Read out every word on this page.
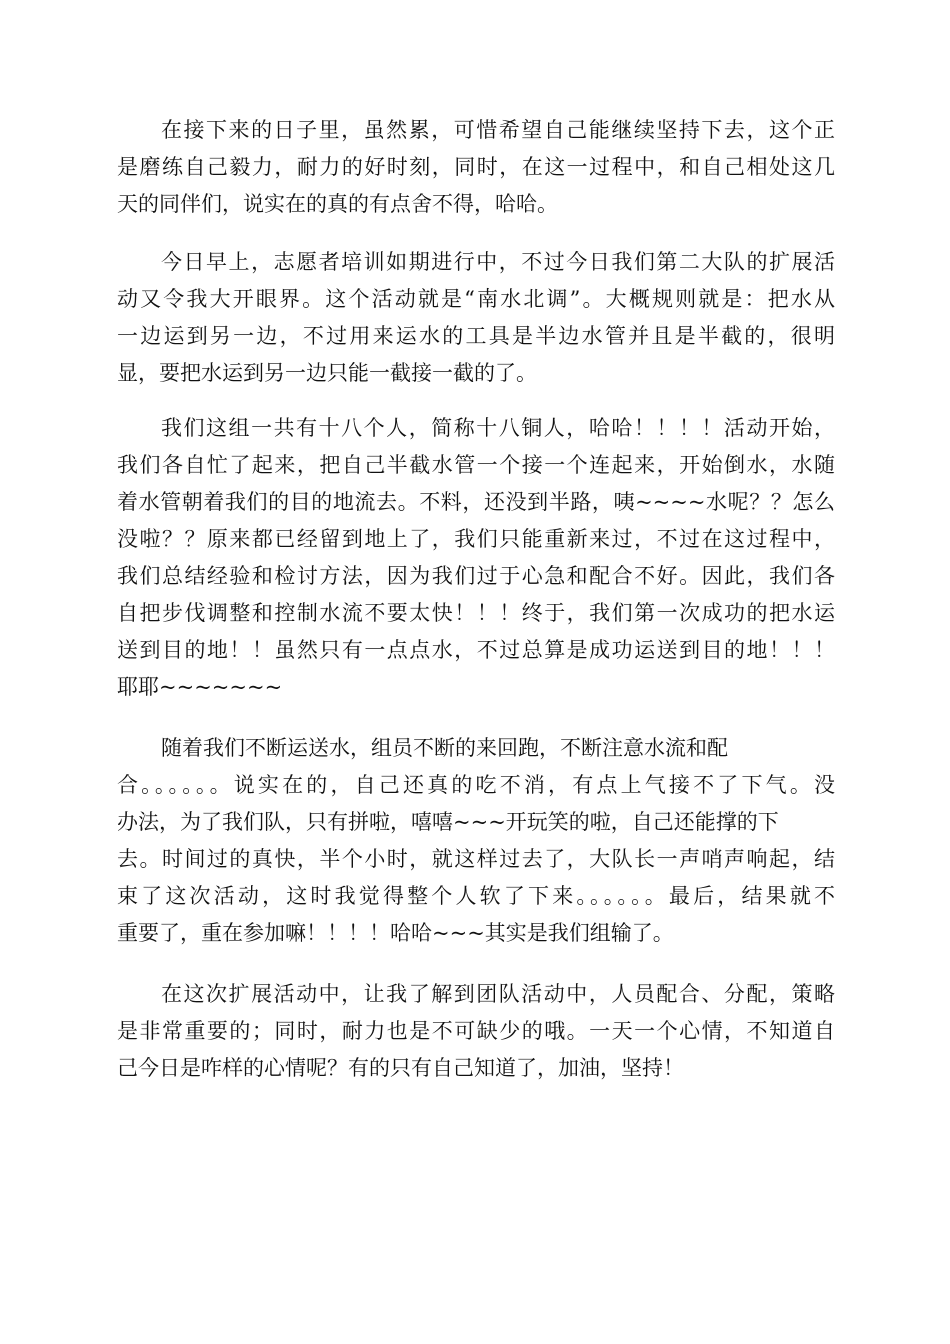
在接下来的日子里，虽然累，可惜希望自己能继续坚持下去，这个正
是磨练自己毅力，耐力的好时刻，同时，在这一过程中，和自己相处这几
天的同伴们，说实在的真的有点舍不得，哈哈。
今日早上，志愿者培训如期进行中，不过今日我们第二大队的扩展活
动又令我大开眼界。这个活动就是“南水北调”。大概规则就是：把水从
一边运到另一边，不过用来运水的工具是半边水管并且是半截的，很明
显，要把水运到另一边只能一截接一截的了。
我们这组一共有十八个人，简称十八铜人，哈哈！！！！活动开始，
我们各自忙了起来，把自己半截水管一个接一个连起来，开始倒水，水随
着水管朝着我们的目的地流去。不料，还没到半路，咦~~~~水呢？？怎么
没啦？？原来都已经留到地上了，我们只能重新来过，不过在这过程中，
我们总结经验和检讨方法，因为我们过于心急和配合不好。因此，我们各
自把步伐调整和控制水流不要太快！！！终于，我们第一次成功的把水运
送到目的地！！虽然只有一点点水，不过总算是成功运送到目的地！！！
耶耶~~~~~~~
随着我们不断运送水，组员不断的来回跑，不断注意水流和配
合。。。。。。说实在的，自己还真的吃不消，有点上气接不了下气。没
办法，为了我们队，只有拼啦，嘻嘻~~~开玩笑的啦，自己还能撑的下
去。时间过的真快，半个小时，就这样过去了，大队长一声哨声响起，结
束了这次活动，这时我觉得整个人软了下来。。。。。。最后，结果就不
重要了，重在参加嘛！！！！哈哈~~~其实是我们组输了。
在这次扩展活动中，让我了解到团队活动中，人员配合、分配，策略
是非常重要的；同时，耐力也是不可缺少的哦。一天一个心情，不知道自
己今日是咋样的心情呢？有的只有自己知道了，加油，坚持！
